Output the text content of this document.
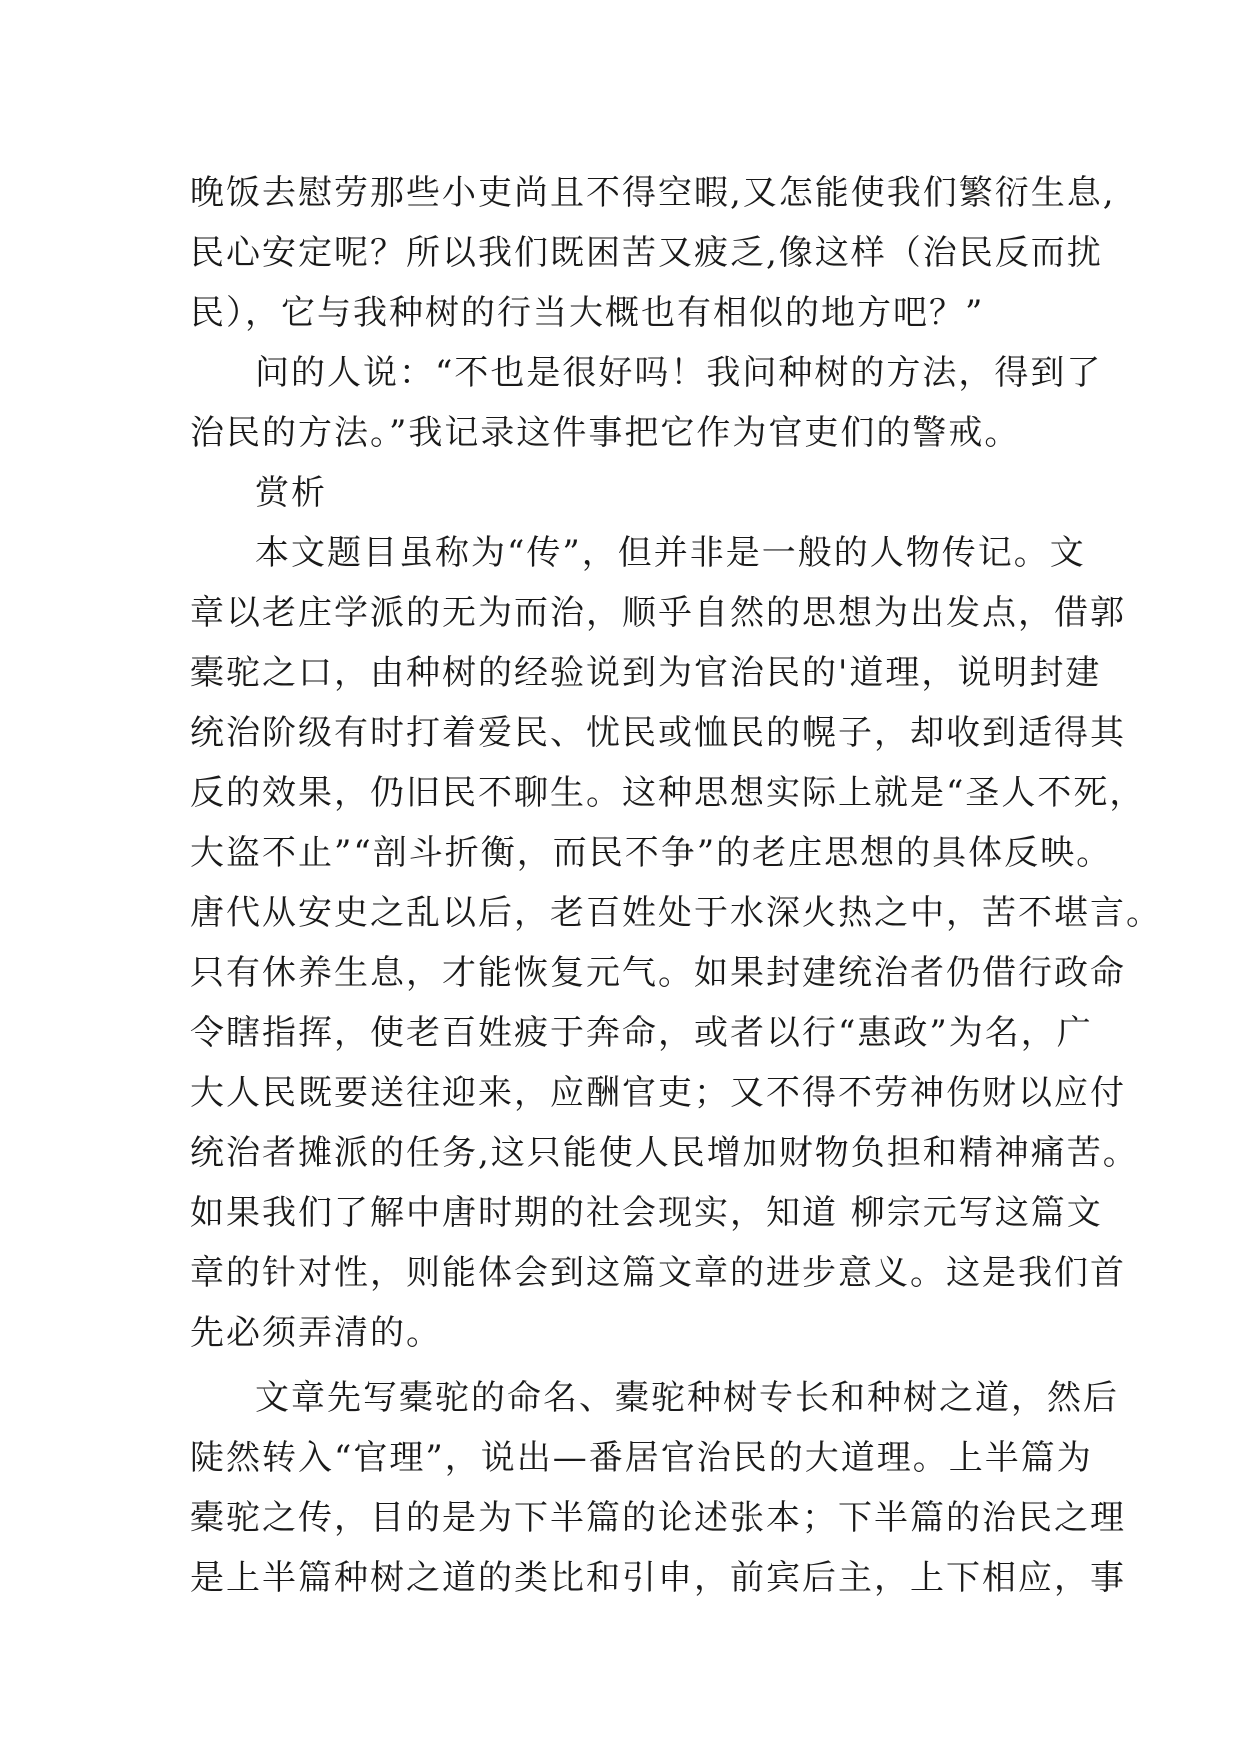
晚饭去慰劳那些小吏尚且不得空暇,又怎能使我们繁衍生息,
民心安定呢？所以我们既困苦又疲乏,像这样（治民反而扰
民），它与我种树的行当大概也有相似的地方吧？”
问的人说：“不也是很好吗！我问种树的方法，得到了
治民的方法。”我记录这件事把它作为官吏们的警戒。
赏析
本文题目虽称为“传”，但并非是一般的人物传记。文
章以老庄学派的无为而治，顺乎自然的思想为出发点，借郭
橐驼之口，由种树的经验说到为官治民的'道理，说明封建
统治阶级有时打着爱民、忧民或恤民的幌子，却收到适得其
反的效果，仍旧民不聊生。这种思想实际上就是“圣人不死，
大盗不止”“剖斗折衡，而民不争”的老庄思想的具体反映。
唐代从安史之乱以后，老百姓处于水深火热之中，苦不堪言。
只有休养生息，才能恢复元气。如果封建统治者仍借行政命
令瞎指挥，使老百姓疲于奔命，或者以行“惠政”为名，广
大人民既要送往迎来，应酬官吏；又不得不劳神伤财以应付
统治者摊派的任务,这只能使人民增加财物负担和精神痛苦。
如果我们了解中唐时期的社会现实，知道 柳宗元写这篇文
章的针对性，则能体会到这篇文章的进步意义。这是我们首
先必须弄清的。
文章先写橐驼的命名、橐驼种树专长和种树之道，然后
陡然转入“官理”，说出—番居官治民的大道理。上半篇为
橐驼之传，目的是为下半篇的论述张本；下半篇的治民之理
是上半篇种树之道的类比和引申，前宾后主，上下相应，事
